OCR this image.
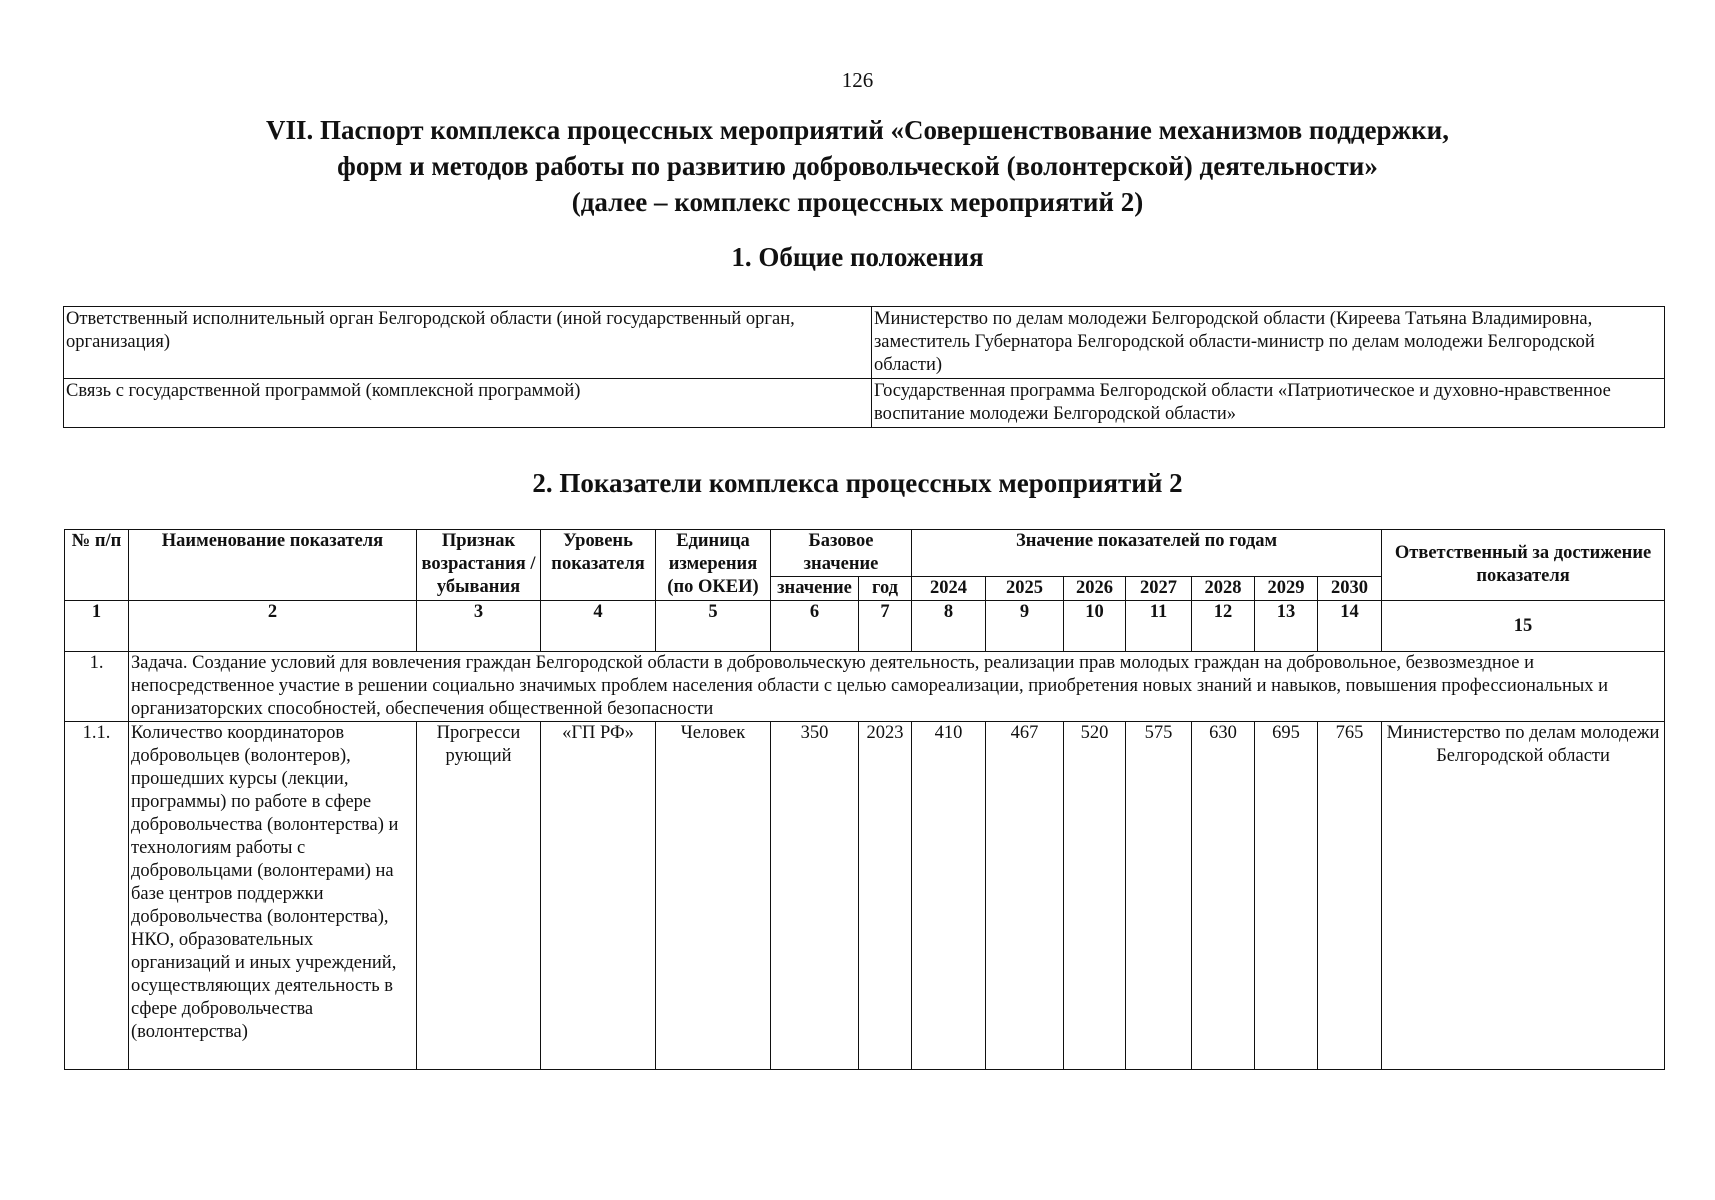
126
VII. Паспорт комплекса процессных мероприятий «Совершенствование механизмов поддержки,
форм и методов работы по развитию добровольческой (волонтерской) деятельности»
(далее – комплекс процессных мероприятий 2)
1. Общие положения
Ответственный исполнительный орган Белгородской области (иной государственный орган, организация)	Министерство по делам молодежи Белгородской области (Киреева Татьяна Владимировна, заместитель Губернатора Белгородской области-министр по делам молодежи Белгородской области)
Связь с государственной программой (комплексной программой)	Государственная программа Белгородской области «Патриотическое и духовно-нравственное воспитание молодежи Белгородской области»
2. Показатели комплекса процессных мероприятий 2
№ п/п	Наименование показателя	Признак возрастания / убывания	Уровень показателя	Единица измерения (по ОКЕИ)	Базовое значение		Значение показателей по годам							Ответственный за достижение показателя
					значение	год	2024	2025	2026	2027	2028	2029	2030	
1	2	3	4	5	6	7	8	9	10	11	12	13	14	15
1.	Задача. Создание условий для вовлечения граждан Белгородской области в добровольческую деятельность, реализации прав молодых граждан на добровольное, безвозмездное и непосредственное участие в решении социально значимых проблем населения области с целью самореализации, приобретения новых знаний и навыков, повышения профессиональных и организаторских способностей, обеспечения общественной безопасности													
1.1.	Количество координаторов добровольцев (волонтеров), прошедших курсы (лекции, программы) по работе в сфере добровольчества (волонтерства) и технологиям работы с добровольцами (волонтерами) на базе центров поддержки добровольчества (волонтерства), НКО, образовательных организаций и иных учреждений, осуществляющих деятельность в сфере добровольчества (волонтерства)	Прогресси рующий	«ГП РФ»	Человек	350	2023	410	467	520	575	630	695	765	Министерство по делам молодежи Белгородской области
